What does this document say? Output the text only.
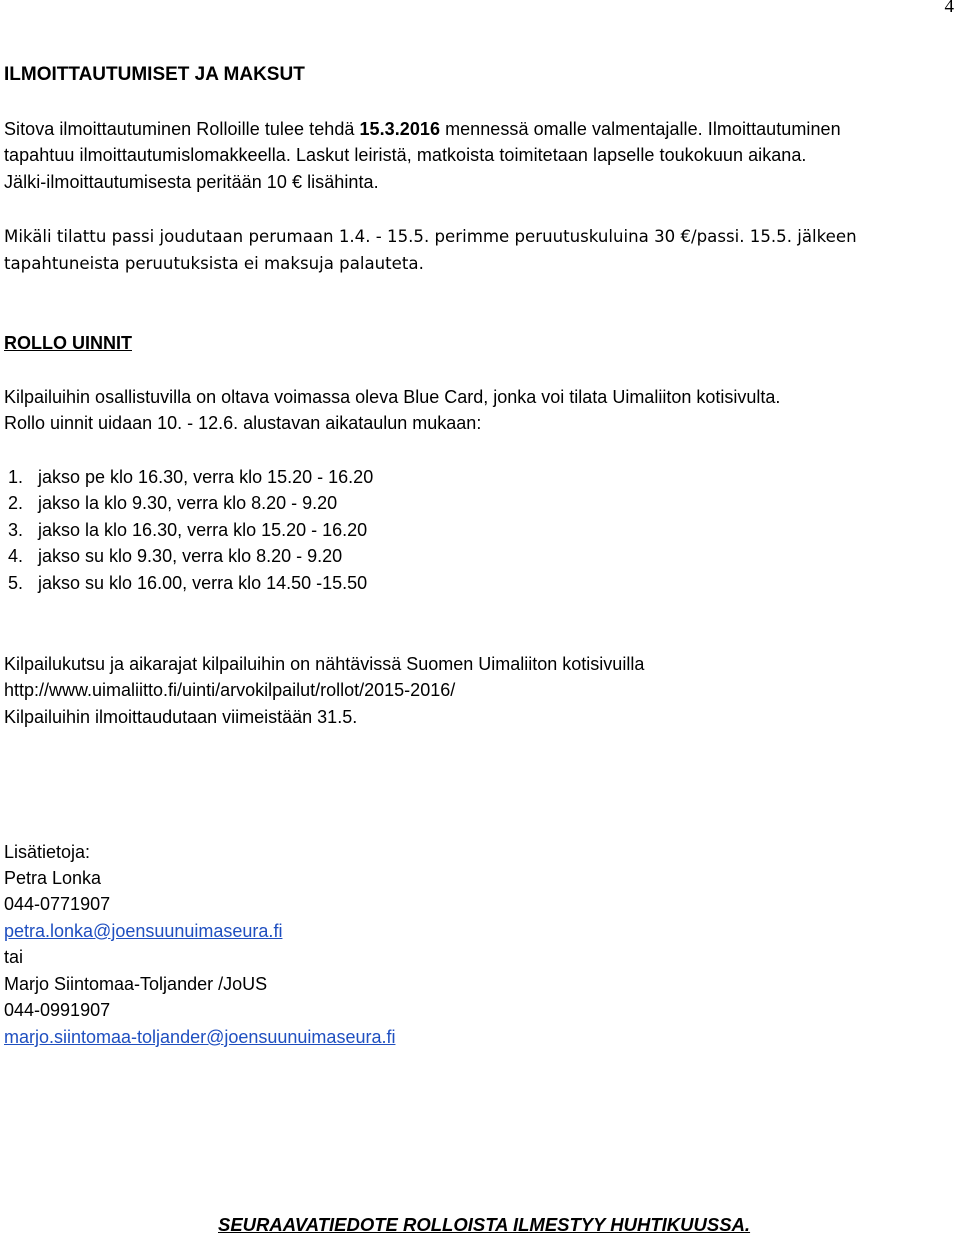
4
ILMOITTAUTUMISET JA MAKSUT
Sitova ilmoittautuminen Rolloille tulee tehdä 15.3.2016 mennessä omalle valmentajalle. Ilmoittautuminen
tapahtuu ilmoittautumislomakkeella. Laskut leiristä, matkoista toimitetaan lapselle toukokuun aikana.
Jälki-ilmoittautumisesta peritään 10 € lisähinta.
Mikäli tilattu passi joudutaan perumaan 1.4. - 15.5. perimme peruutuskuluina 30 €/passi. 15.5. jälkeen
tapahtuneista peruutuksista ei maksuja palauteta.
ROLLO UINNIT
Kilpailuihin osallistuvilla on oltava voimassa oleva Blue Card, jonka voi tilata Uimaliiton kotisivulta.
Rollo uinnit uidaan 10. - 12.6. alustavan aikataulun mukaan:
1. jakso pe klo 16.30, verra klo 15.20 - 16.20
2. jakso la klo 9.30, verra klo 8.20 - 9.20
3. jakso la klo 16.30, verra klo 15.20 - 16.20
4. jakso su klo 9.30, verra klo 8.20 - 9.20
5. jakso su klo 16.00, verra klo 14.50 -15.50
Kilpailukutsu ja aikarajat kilpailuihin on nähtävissä Suomen Uimaliiton kotisivuilla
http://www.uimaliitto.fi/uinti/arvokilpailut/rollot/2015-2016/
Kilpailuihin ilmoittaudutaan viimeistään 31.5.
Lisätietoja:
Petra Lonka
044-0771907
petra.lonka@joensuunuimaseura.fi
tai
Marjo Siintomaa-Toljander /JoUS
044-0991907
marjo.siintomaa-toljander@joensuunuimaseura.fi
SEURAAVATIEDOTE ROLLOISTA ILMESTYY HUHTIKUUSSA.
